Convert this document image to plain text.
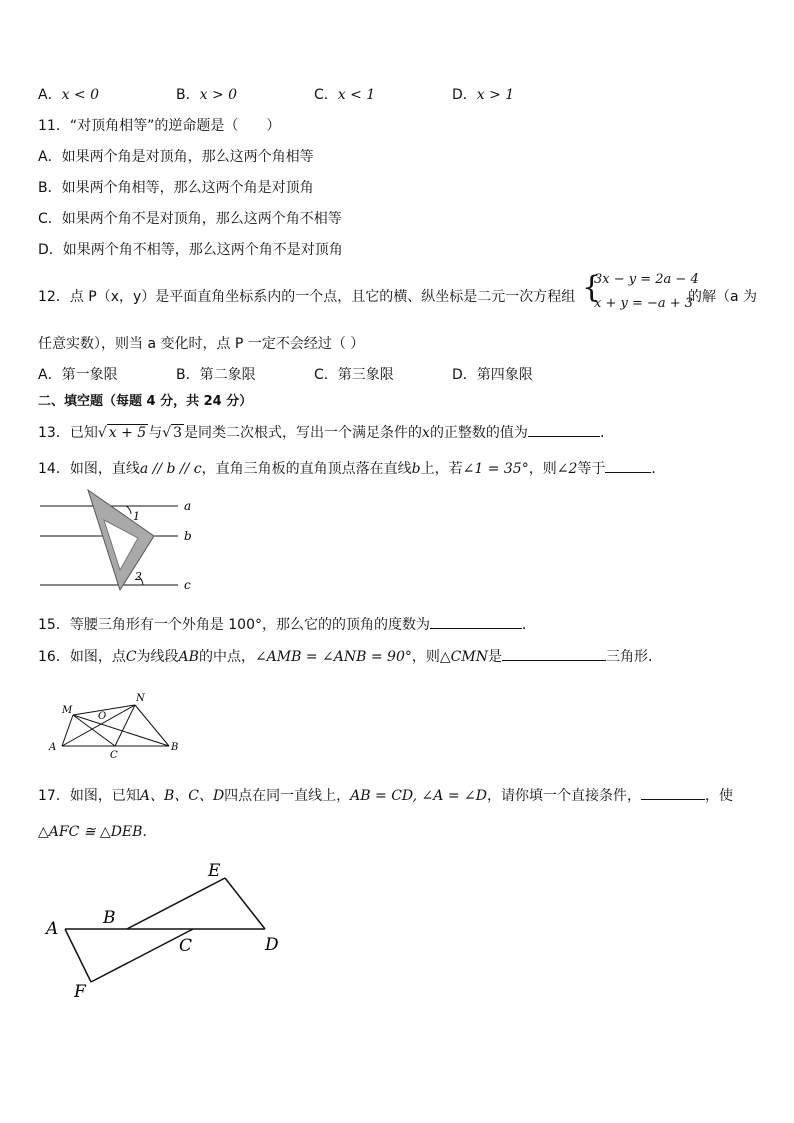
A．x < 0	B．x > 0	C．x < 1	D．x > 1
11．“对顶角相等”的逆命题是（　　）
A．如果两个角是对顶角，那么这两个角相等
B．如果两个角相等，那么这两个角是对顶角
C．如果两个角不是对顶角，那么这两个角不相等
D．如果两个角不相等，那么这两个角不是对顶角
12．点 P（x，y）是平面直角坐标系内的一个点，且它的横、纵坐标是二元一次方程组 {
3x − y = 2a − 4
x + y = −a + 3
的解（a 为
任意实数），则当 a 变化时，点 P 一定不会经过（ ）
A．第一象限	B．第二象限	C．第三象限	D．第四象限
二、填空题（每题 4 分，共 24 分）
13．已知√ x + 5 与√ 3 是同类二次根式，写出一个满足条件的x的正整数的值为	．
14．如图，直线a // b // c，直角三角板的直角顶点落在直线b上，若∠1 = 35°，则∠2等于	．
a
b
c
1
2
15．等腰三角形有一个外角是 100°，那么它的的顶角的度数为	．
16．如图，点C为线段AB的中点，∠AMB = ∠ANB = 90°，则△CMN是	三角形．
M
N
O
A	B
C
17．如图，已知A、B、C、D四点在同一直线上，AB = CD, ∠A = ∠D，请你填一个直接条件，	，使
△AFC ≅ △DEB．
A
B
C	D
E
F
